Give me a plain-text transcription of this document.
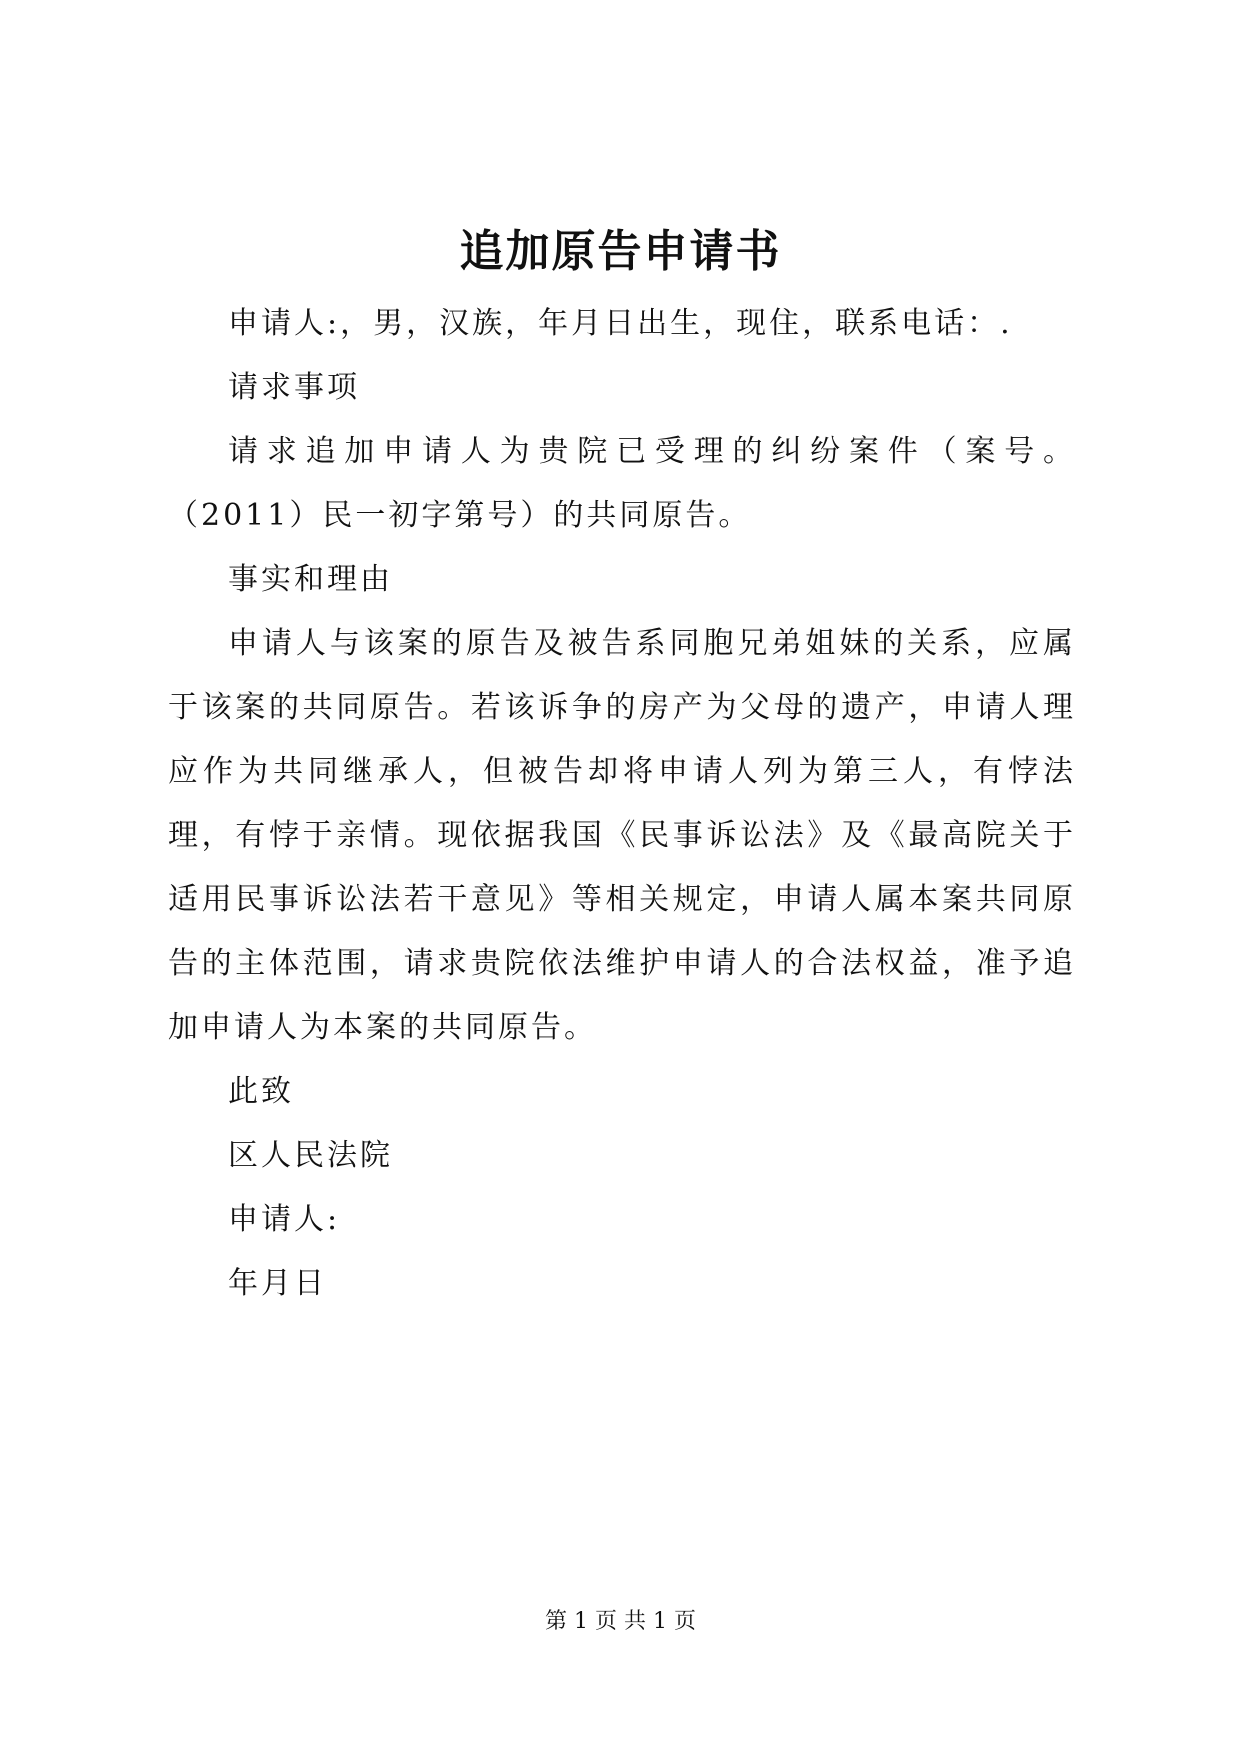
追加原告申请书

申请人:，男，汉族，年月日出生，现住，联系电话：.

请求事项

请求追加申请人为贵院已受理的纠纷案件（案号。（2011）民一初字第号）的共同原告。

事实和理由

申请人与该案的原告及被告系同胞兄弟姐妹的关系，应属于该案的共同原告。若该诉争的房产为父母的遗产，申请人理应作为共同继承人，但被告却将申请人列为第三人，有悖法理，有悖于亲情。现依据我国《民事诉讼法》及《最高院关于适用民事诉讼法若干意见》等相关规定，申请人属本案共同原告的主体范围，请求贵院依法维护申请人的合法权益，准予追加申请人为本案的共同原告。

此致

区人民法院

申请人:

年月日

第 1 页 共 1 页
